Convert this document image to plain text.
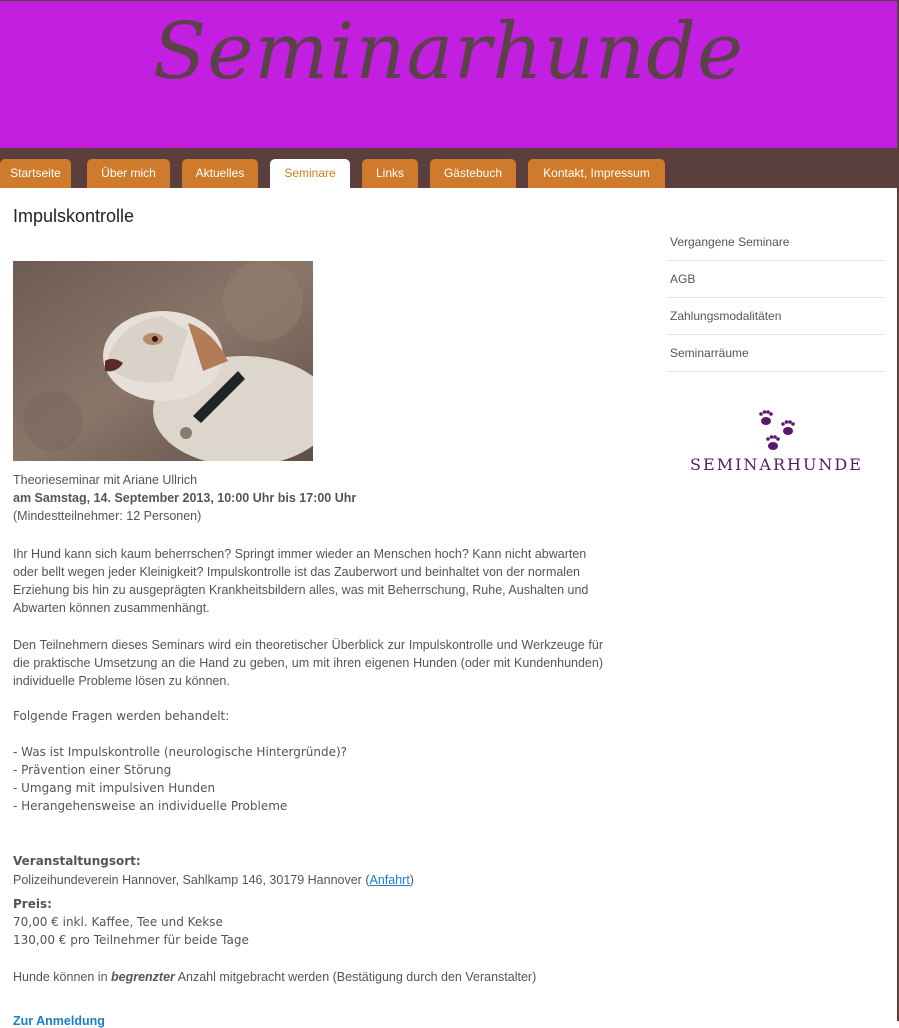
Seminarhunde
Startseite	Über mich	Aktuelles	Seminare	Links	Gästebuch	Kontakt, Impressum
Impulskontrolle
Theorieseminar mit Ariane Ullrich
am Samstag, 14. September 2013, 10:00 Uhr bis 17:00 Uhr
(Mindestteilnehmer: 12 Personen)
Ihr Hund kann sich kaum beherrschen? Springt immer wieder an Menschen hoch? Kann nicht abwarten oder bellt wegen jeder Kleinigkeit? Impulskontrolle ist das Zauberwort und beinhaltet von der normalen Erziehung bis hin zu ausgeprägten Krankheitsbildern alles, was mit Beherrschung, Ruhe, Aushalten und Abwarten können zusammenhängt.
Den Teilnehmern dieses Seminars wird ein theoretischer Überblick zur Impulskontrolle und Werkzeuge für die praktische Umsetzung an die Hand zu geben, um mit ihren eigenen Hunden (oder mit Kundenhunden) individuelle Probleme lösen zu können.
Folgende Fragen werden behandelt:
- Was ist Impulskontrolle (neurologische Hintergründe)?
- Prävention einer Störung
- Umgang mit impulsiven Hunden
- Herangehensweise an individuelle Probleme
Veranstaltungsort:
Polizeihundeverein Hannover, Sahlkamp 146, 30179 Hannover (Anfahrt)
Preis:
70,00 € inkl. Kaffee, Tee und Kekse
130,00 € pro Teilnehmer für beide Tage
Hunde können in begrenzter Anzahl mitgebracht werden (Bestätigung durch den Veranstalter)
Zur Anmeldung
Vergangene Seminare
AGB
Zahlungsmodalitäten
Seminarräume
SEMINARHUNDE
